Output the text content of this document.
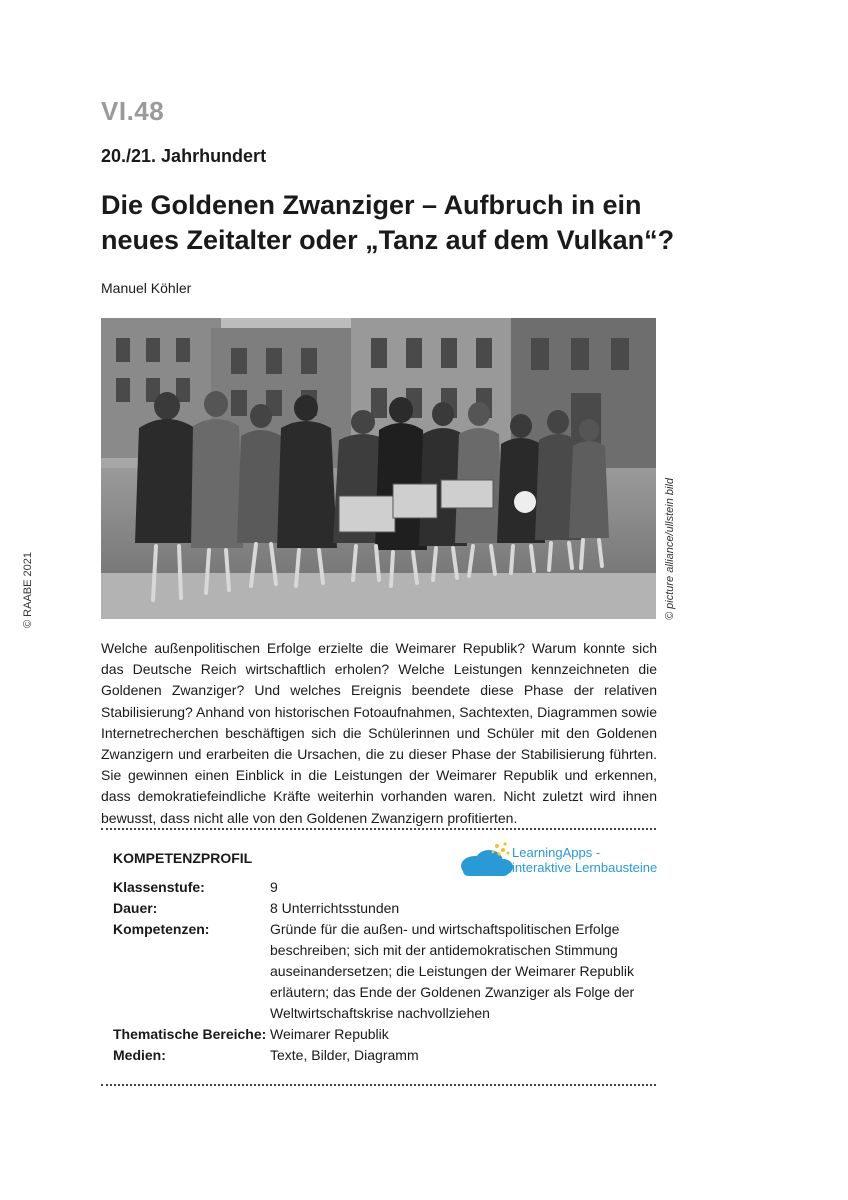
VI.48
20./21. Jahrhundert
Die Goldenen Zwanziger – Aufbruch in ein neues Zeitalter oder „Tanz auf dem Vulkan“?
Manuel Köhler
© RAABE 2021	© picture alliance/ullstein bild

Welche außenpolitischen Erfolge erzielte die Weimarer Republik? Warum konnte sich das Deutsche Reich wirtschaftlich erholen? Welche Leistungen kennzeichneten die Goldenen Zwanziger? Und welches Ereignis beendete diese Phase der relativen Stabilisierung? Anhand von historischen Fotoaufnahmen, Sachtexten, Diagrammen sowie Internetrecherchen beschäftigen sich die Schülerinnen und Schüler mit den Goldenen Zwanzigern und erarbeiten die Ursachen, die zu dieser Phase der Stabilisierung führten. Sie gewinnen einen Einblick in die Leistungen der Weimarer Republik und erkennen, dass demokratiefeindliche Kräfte weiterhin vorhanden waren. Nicht zuletzt wird ihnen bewusst, dass nicht alle von den Goldenen Zwanzigern profitierten.

KOMPETENZPROFIL	LearningApps -
interaktive Lernbausteine
Klassenstufe:	9
Dauer:	8 Unterrichtsstunden
Kompetenzen:	Gründe für die außen- und wirtschaftspolitischen Erfolge beschreiben; sich mit der antidemokratischen Stimmung auseinandersetzen; die Leistungen der Weimarer Republik erläutern; das Ende der Goldenen Zwanziger als Folge der Weltwirtschaftskrise nachvollziehen
Thematische Bereiche: Weimarer Republik
Medien:	Texte, Bilder, Diagramm
